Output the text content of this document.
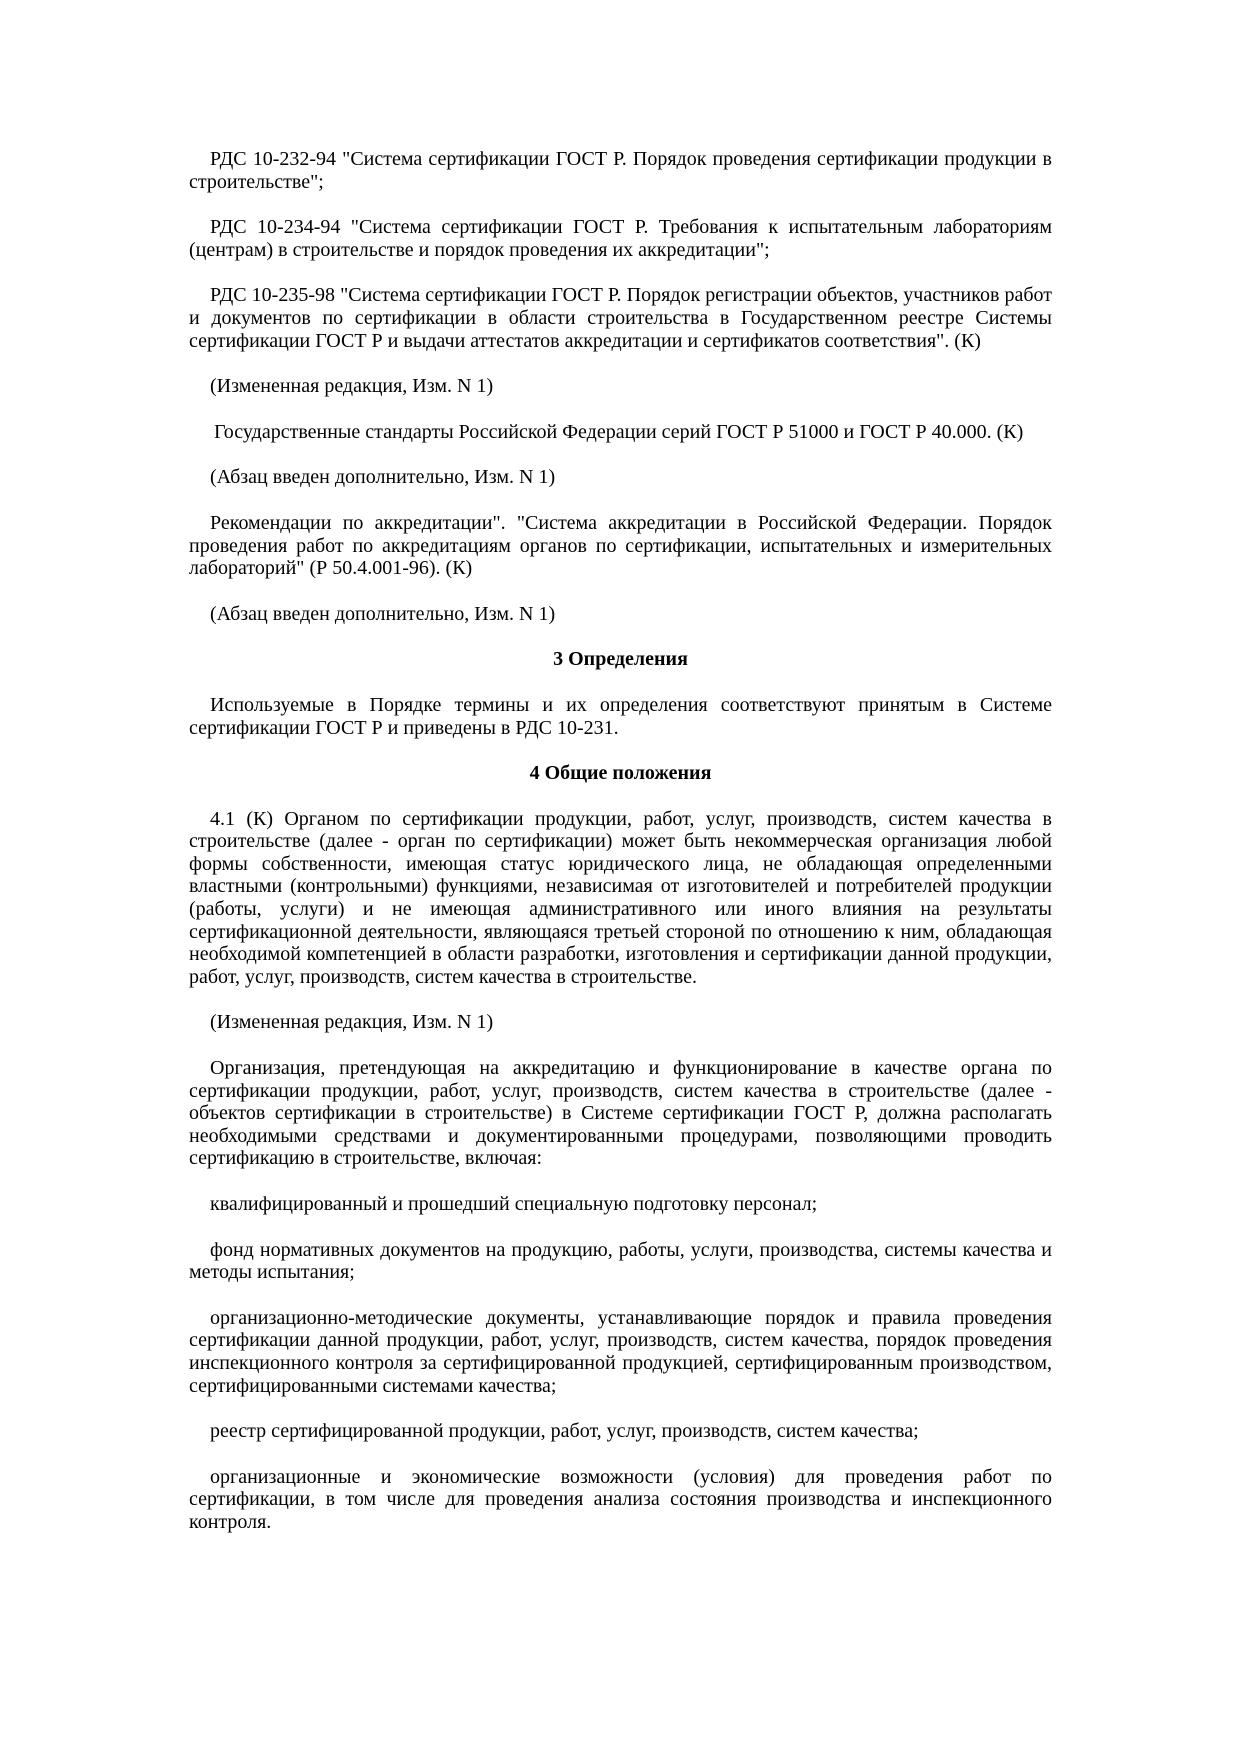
РДС 10-232-94 "Система сертификации ГОСТ Р. Порядок проведения сертификации продукции в строительстве";

РДС 10-234-94 "Система сертификации ГОСТ Р. Требования к испытательным лабораториям (центрам) в строительстве и порядок проведения их аккредитации";

РДС 10-235-98 "Система сертификации ГОСТ Р. Порядок регистрации объектов, участников работ и документов по сертификации в области строительства в Государственном реестре Системы сертификации ГОСТ Р и выдачи аттестатов аккредитации и сертификатов соответствия". (К)

(Измененная редакция, Изм. N 1)

Государственные стандарты Российской Федерации серий ГОСТ Р 51000 и ГОСТ Р 40.000. (К)

(Абзац введен дополнительно, Изм. N 1)

Рекомендации по аккредитации". "Система аккредитации в Российской Федерации. Порядок проведения работ по аккредитациям органов по сертификации, испытательных и измерительных лабораторий" (Р 50.4.001-96). (К)

(Абзац введен дополнительно, Изм. N 1)

3 Определения

Используемые в Порядке термины и их определения соответствуют принятым в Системе сертификации ГОСТ Р и приведены в РДС 10-231.

4 Общие положения

4.1 (К) Органом по сертификации продукции, работ, услуг, производств, систем качества в строительстве (далее - орган по сертификации) может быть некоммерческая организация любой формы собственности, имеющая статус юридического лица, не обладающая определенными властными (контрольными) функциями, независимая от изготовителей и потребителей продукции (работы, услуги) и не имеющая административного или иного влияния на результаты сертификационной деятельности, являющаяся третьей стороной по отношению к ним, обладающая необходимой компетенцией в области разработки, изготовления и сертификации данной продукции, работ, услуг, производств, систем качества в строительстве.

(Измененная редакция, Изм. N 1)

Организация, претендующая на аккредитацию и функционирование в качестве органа по сертификации продукции, работ, услуг, производств, систем качества в строительстве (далее - объектов сертификации в строительстве) в Системе сертификации ГОСТ Р, должна располагать необходимыми средствами и документированными процедурами, позволяющими проводить сертификацию в строительстве, включая:

квалифицированный и прошедший специальную подготовку персонал;

фонд нормативных документов на продукцию, работы, услуги, производства, системы качества и методы испытания;

организационно-методические документы, устанавливающие порядок и правила проведения сертификации данной продукции, работ, услуг, производств, систем качества, порядок проведения инспекционного контроля за сертифицированной продукцией, сертифицированным производством, сертифицированными системами качества;

реестр сертифицированной продукции, работ, услуг, производств, систем качества;

организационные и экономические возможности (условия) для проведения работ по сертификации, в том числе для проведения анализа состояния производства и инспекционного контроля.
